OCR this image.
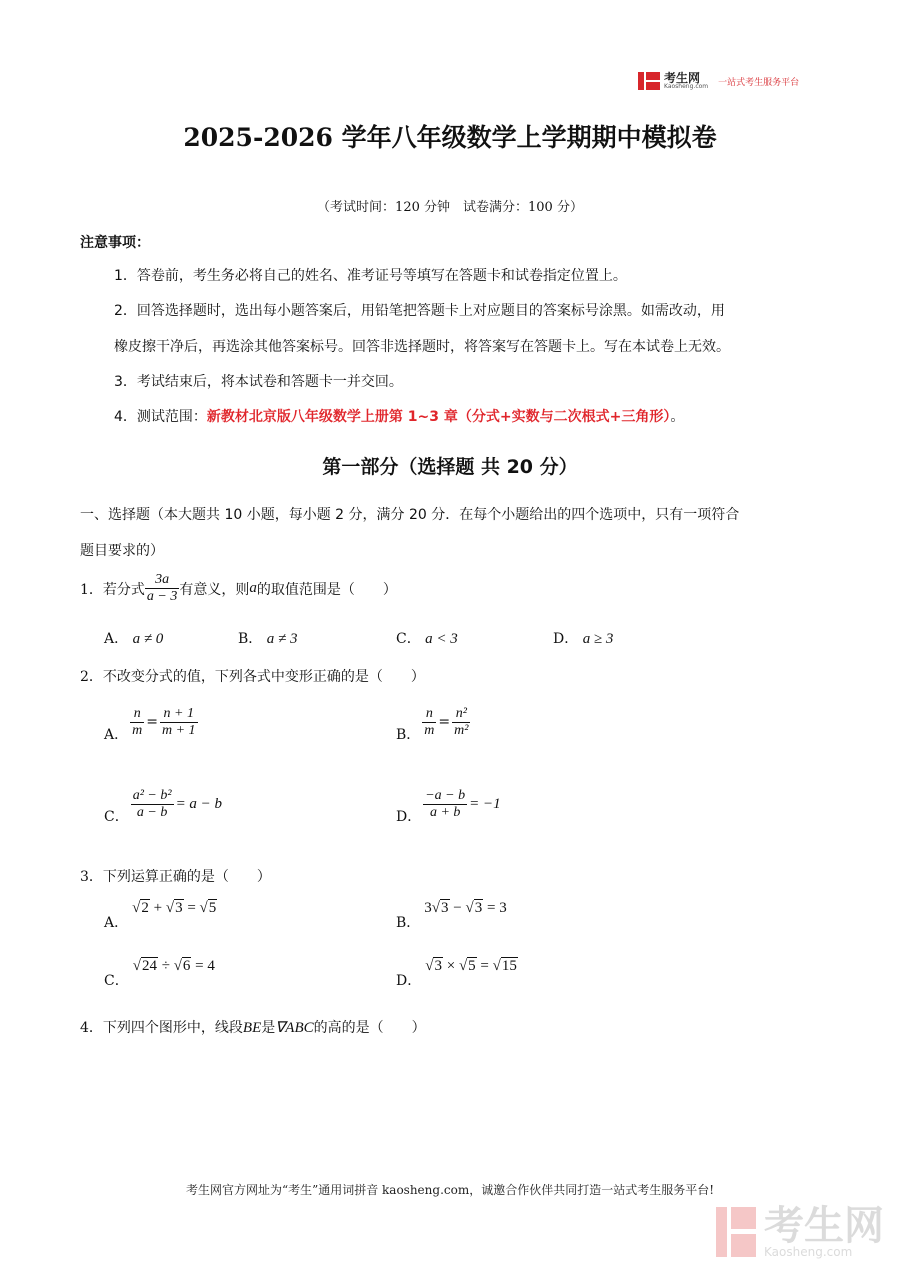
考生网
Kaosheng.com 一站式考生服务平台
2025-2026 学年八年级数学上学期期中模拟卷
（考试时间：120 分钟　试卷满分：100 分）
注意事项：
1．答卷前，考生务必将自己的姓名、准考证号等填写在答题卡和试卷指定位置上。
2．回答选择题时，选出每小题答案后，用铅笔把答题卡上对应题目的答案标号涂黑。如需改动，用
橡皮擦干净后，再选涂其他答案标号。回答非选择题时，将答案写在答题卡上。写在本试卷上无效。
3．考试结束后，将本试卷和答题卡一并交回。
4．测试范围：新教材北京版八年级数学上册第 1~3 章（分式+实数与二次根式+三角形）。
第一部分（选择题 共 20 分）
一、选择题（本大题共 10 小题，每小题 2 分，满分 20 分．在每个小题给出的四个选项中，只有一项符合
题目要求的）
1． 若分式 $\frac{3a}{a - 3}$ 有意义，则 a 的取值范围是（　　）
A． a ≠ 0	B． a ≠ 3	C． a < 3	D． a ≥ 3
2．不改变分式的值，下列各式中变形正确的是（　　）
A． $\frac{n}{m} = \frac{n + 1}{m + 1}$	B． $\frac{n}{m} = \frac{\text{n²}}{\text{m²}}$
C． $\frac{\text{a² − b²}}{a - b} = a - b$
D． $\frac{-a - b}{a + b} = -1$
3．下列运算正确的是（　　）
A．
√2 + √3 = √5
B．
3√3 − √3 = 3
C．
√24 ÷ √6 = 4
D．
√3 × √5 = √15
4．下列四个图形中，线段BE是∇ABC的高的是（　　）
考生网官方网址为“考生”通用词拼音 kaosheng.com，诚邀合作伙伴共同打造一站式考生服务平台!
考生网
Kaosheng.com
